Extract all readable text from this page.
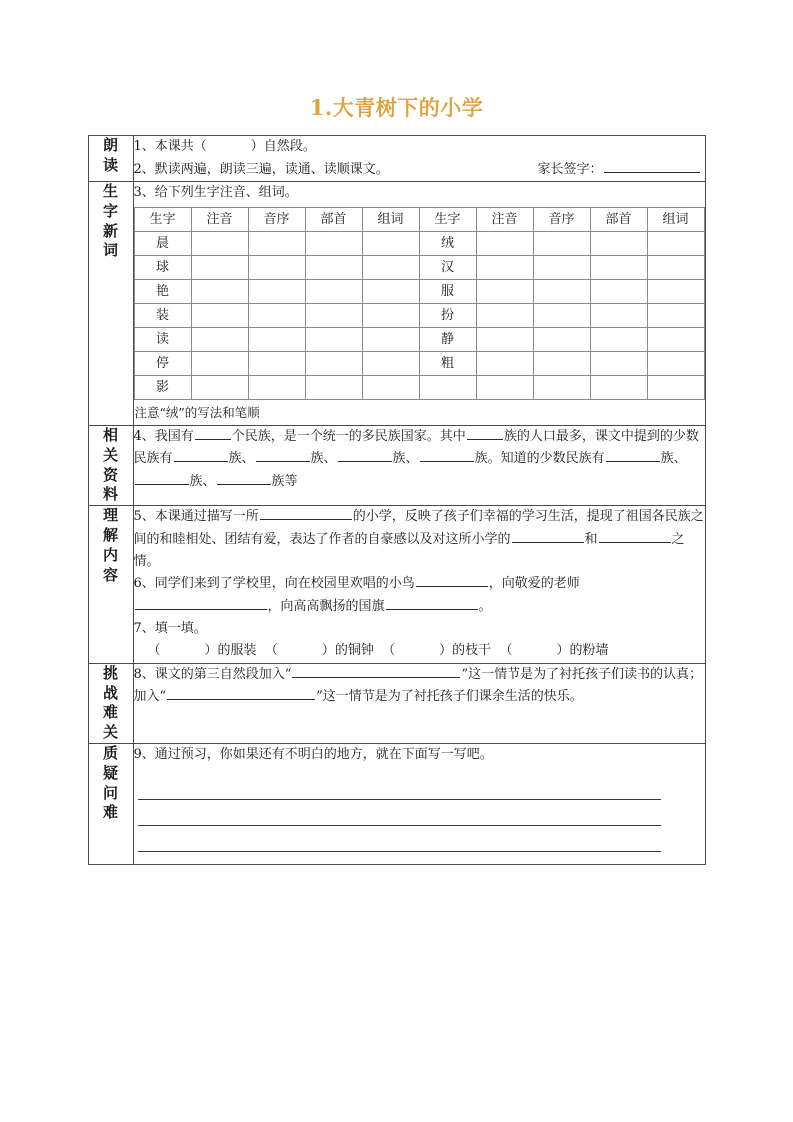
1.大青树下的小学
朗读	

1、本课共（	）自然段。

2、默读两遍，朗读三遍，读通、读顺课文。	家长签字：

生字新词	

3、给下列生字注音、组词。

生字	注音	音序	部首	组词	生字	注音	音序	部首	组词
晨					绒				
球					汉				
艳					服				
装					扮				
读					静				
停					粗				
影									

注意“绒”的写法和笔顺

相关资料	

4、我国有	个民族，是一个统一的多民族国家。其中	族的人口最多，课文中提到的少数民族有	族、	族、	族、	族。知道的少数民族有	族、族、	族等

理解内容	

5、本课通过描写一所	的小学，反映了孩子们幸福的学习生活，提现了祖国各民族之间的和睦相处、团结有爱，表达了作者的自豪感以及对这所小学的	和	之情。

6、同学们来到了学校里，向在校园里欢唱的小鸟	，向敬爱的老师，向高高飘扬的国旗	。

7、填一填。

（	）的服装 （	）的铜钟 （	）的枝干 （	）的粉墙

挑战难关	

8、课文的第三自然段加入“	”这一情节是为了衬托孩子们读书的认真；加入“	”这一情节是为了衬托孩子们课余生活的快乐。

质疑问难	

9、通过预习，你如果还有不明白的地方，就在下面写一写吧。
